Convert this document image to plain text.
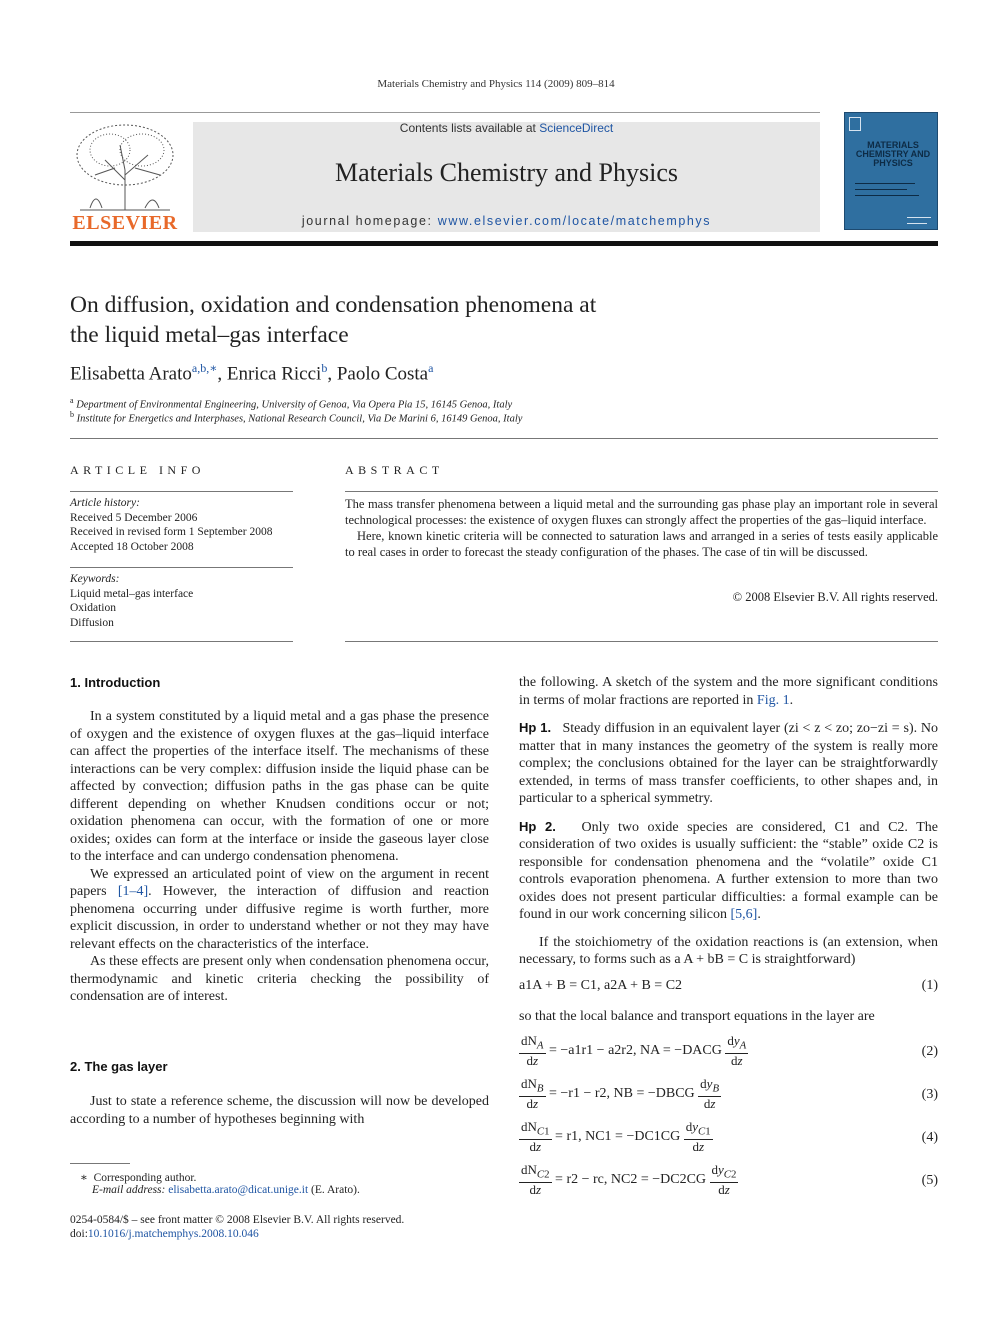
Materials Chemistry and Physics 114 (2009) 809–814
ELSEVIER
Contents lists available at ScienceDirect
Materials Chemistry and Physics
journal homepage: www.elsevier.com/locate/matchemphys
MATERIALS CHEMISTRY AND PHYSICS
On diffusion, oxidation and condensation phenomena at
the liquid metal–gas interface
Elisabetta Arato$^{a,b,∗}$, Enrica Ricci$^b$, Paolo Costa$^a$
$^a$ Department of Environmental Engineering, University of Genoa, Via Opera Pia 15, 16145 Genoa, Italy
$^b$ Institute for Energetics and Interphases, National Research Council, Via De Marini 6, 16149 Genoa, Italy
ARTICLE INFO
Article history:
Received 5 December 2006
Received in revised form 1 September 2008
Accepted 18 October 2008
Keywords:
Liquid metal–gas interface
Oxidation
Diffusion
ABSTRACT

The mass transfer phenomena between a liquid metal and the surrounding gas phase play an important role in several technological processes: the existence of oxygen fluxes can strongly affect the properties of the gas–liquid interface.

Here, known kinetic criteria will be connected to saturation laws and arranged in a series of tests easily applicable to real cases in order to forecast the steady configuration of the phases. The case of tin will be discussed.

© 2008 Elsevier B.V. All rights reserved.
1. Introduction

In a system constituted by a liquid metal and a gas phase the presence of oxygen and the existence of oxygen fluxes at the gas–liquid interface can affect the properties of the interface itself. The mechanisms of these interactions can be very complex: diffusion inside the liquid phase can be affected by convection; diffusion paths in the gas phase can be quite different depending on whether Knudsen conditions occur or not; oxidation phenomena can occur, with the formation of one or more oxides; oxides can form at the interface or inside the gaseous layer close to the interface and can undergo condensation phenomena.

We expressed an articulated point of view on the argument in recent papers [1–4]. However, the interaction of diffusion and reaction phenomena occurring under diffusive regime is worth further, more explicit discussion, in order to understand whether or not they may have relevant effects on the characteristics of the interface.

As these effects are present only when condensation phenomena occur, thermodynamic and kinetic criteria checking the possibility of condensation are of interest.

2. The gas layer

Just to state a reference scheme, the discussion will now be developed according to a number of hypotheses beginning with

∗ Corresponding author.
E-mail address: elisabetta.arato@dicat.unige.it (E. Arato).
0254-0584/$ – see front matter © 2008 Elsevier B.V. All rights reserved.
doi:10.1016/j.matchemphys.2008.10.046

the following. A sketch of the system and the more significant conditions in terms of molar fractions are reported in Fig. 1.

Hp 1. Steady diffusion in an equivalent layer (zi < z < zo; zo−zi = s). No matter that in many instances the geometry of the system is really more complex; the conclusions obtained for the layer can be straightforwardly extended, in terms of mass transfer coefficients, to other shapes and, in particular to a spherical symmetry.

Hp 2. Only two oxide species are considered, C1 and C2. The consideration of two oxides is usually sufficient: the “stable” oxide C2 is responsible for condensation phenomena and the “volatile” oxide C1 controls evaporation phenomena. A further extension to more than two oxides does not present particular difficulties: a formal example can be found in our work concerning silicon [5,6].

If the stoichiometry of the oxidation reactions is (an extension, when necessary, to forms such as a A + bB = C is straightforward)

a1A + B = C1, a2A + B = C2	(1)
so that the local balance and transport equations in the layer are
$\frac{dN_A}{dz} = -a1r1 - a2r2$, NA = −DACG $\frac{dy_A}{dz}$	(2)
$\frac{dN_B}{dz} = -r1 - r2$, NB = −DBCG $\frac{dy_B}{dz}$	(3)
$\frac{dN_{C1}}{dz} = r1$, $NC1 = -DC1CG \frac{dy_{C1}}{dz}$	(4)
$\frac{dN_{C2}}{dz} = r2$ − rc, $NC2 = -DC2CG \frac{dy_{C2}}{dz}$	(5)
